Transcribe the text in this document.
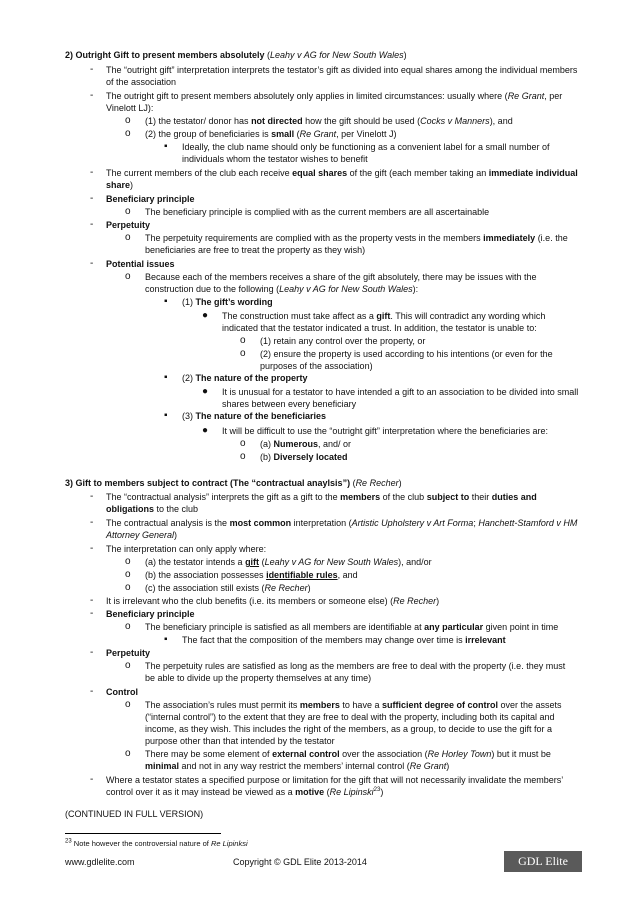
2) Outright Gift to present members absolutely (Leahy v AG for New South Wales)
- The “outright gift” interpretation interprets the testator’s gift as divided into equal shares among the individual members
of the association
- The outright gift to present members absolutely only applies in limited circumstances: usually where (Re Grant, per
Vinelott LJ):
o (1) the testator/ donor has not directed how the gift should be used (Cocks v Manners), and
o (2) the group of beneficiaries is small (Re Grant, per Vinelott J)
▪ Ideally, the club name should only be functioning as a convenient label for a small number of
individuals whom the testator wishes to benefit
- The current members of the club each receive equal shares of the gift (each member taking an immediate individual
share)
- Beneficiary principle
o The beneficiary principle is complied with as the current members are all ascertainable
- Perpetuity
o The perpetuity requirements are complied with as the property vests in the members immediately (i.e. the
beneficiaries are free to treat the property as they wish)
- Potential issues
o Because each of the members receives a share of the gift absolutely, there may be issues with the
construction due to the following (Leahy v AG for New South Wales):
▪ (1) The gift’s wording
● The construction must take affect as a gift. This will contradict any wording which
indicated that the testator indicated a trust. In addition, the testator is unable to:
o (1) retain any control over the property, or
o (2) ensure the property is used according to his intentions (or even for the
purposes of the association)
▪ (2) The nature of the property
● It is unusual for a testator to have intended a gift to an association to be divided into small
shares between every beneficiary
▪ (3) The nature of the beneficiaries
● It will be difficult to use the “outright gift” interpretation where the beneficiaries are:
o (a) Numerous, and/ or
o (b) Diversely located
3) Gift to members subject to contract (The “contractual anaylsis”) (Re Recher)
- The “contractual analysis” interprets the gift as a gift to the members of the club subject to their duties and
obligations to the club
- The contractual analysis is the most common interpretation (Artistic Upholstery v Art Forma; Hanchett-Stamford v HM
Attorney General)
- The interpretation can only apply where:
o (a) the testator intends a gift (Leahy v AG for New South Wales), and/or
o (b) the association possesses identifiable rules, and
o (c) the association still exists (Re Recher)
- It is irrelevant who the club benefits (i.e. its members or someone else) (Re Recher)
- Beneficiary principle
o The beneficiary principle is satisfied as all members are identifiable at any particular given point in time
▪ The fact that the composition of the members may change over time is irrelevant
- Perpetuity
o The perpetuity rules are satisfied as long as the members are free to deal with the property (i.e. they must
be able to divide up the property themselves at any time)
- Control
o The association’s rules must permit its members to have a sufficient degree of control over the assets
(“internal control”) to the extent that they are free to deal with the property, including both its capital and
income, as they wish. This includes the right of the members, as a group, to decide to use the gift for a
purpose other than that intended by the testator
o There may be some element of external control over the association (Re Horley Town) but it must be
minimal and not in any way restrict the members’ internal control (Re Grant)
- Where a testator states a specified purpose or limitation for the gift that will not necessarily invalidate the members’
control over it as it may instead be viewed as a motive (Re Lipinski$^{23}$)
(CONTINUED IN FULL VERSION)
$^{23}$ Note however the controversial nature of Re Lipinksi
www.gdlelite.com	Copyright © GDL Elite 2013-2014	GDL Elite
